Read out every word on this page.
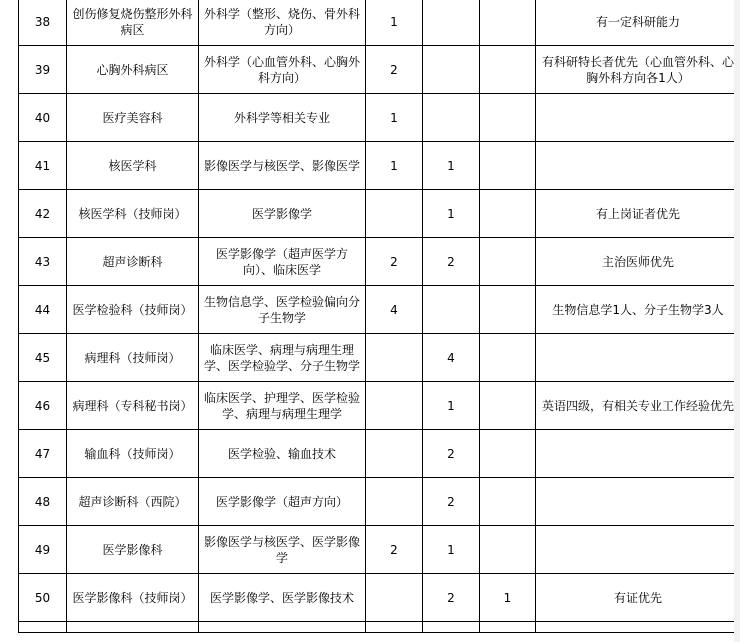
38	创伤修复烧伤整形外科病区	外科学（整形、烧伤、骨外科方向）	1			有一定科研能力
39	心胸外科病区	外科学（心血管外科、心胸外科方向）	2			有科研特长者优先（心血管外科、心胸外科方向各1人）
40	医疗美容科	外科学等相关专业	1			
41	核医学科	影像医学与核医学、影像医学	1	1		
42	核医学科（技师岗）	医学影像学		1		有上岗证者优先
43	超声诊断科	医学影像学（超声医学方向）、临床医学	2	2		主治医师优先
44	医学检验科（技师岗）	生物信息学、医学检验偏向分子生物学	4			生物信息学1人、分子生物学3人
45	病理科（技师岗）	临床医学、病理与病理生理学、医学检验学、分子生物学		4		
46	病理科（专科秘书岗）	临床医学、护理学、医学检验学、病理与病理生理学		1		英语四级，有相关专业工作经验优先
47	输血科（技师岗）	医学检验、输血技术		2		
48	超声诊断科（西院）	医学影像学（超声方向）		2		
49	医学影像科	影像医学与核医学、医学影像学	2	1		
50	医学影像科（技师岗）	医学影像学、医学影像技术		2	1	有证优先
